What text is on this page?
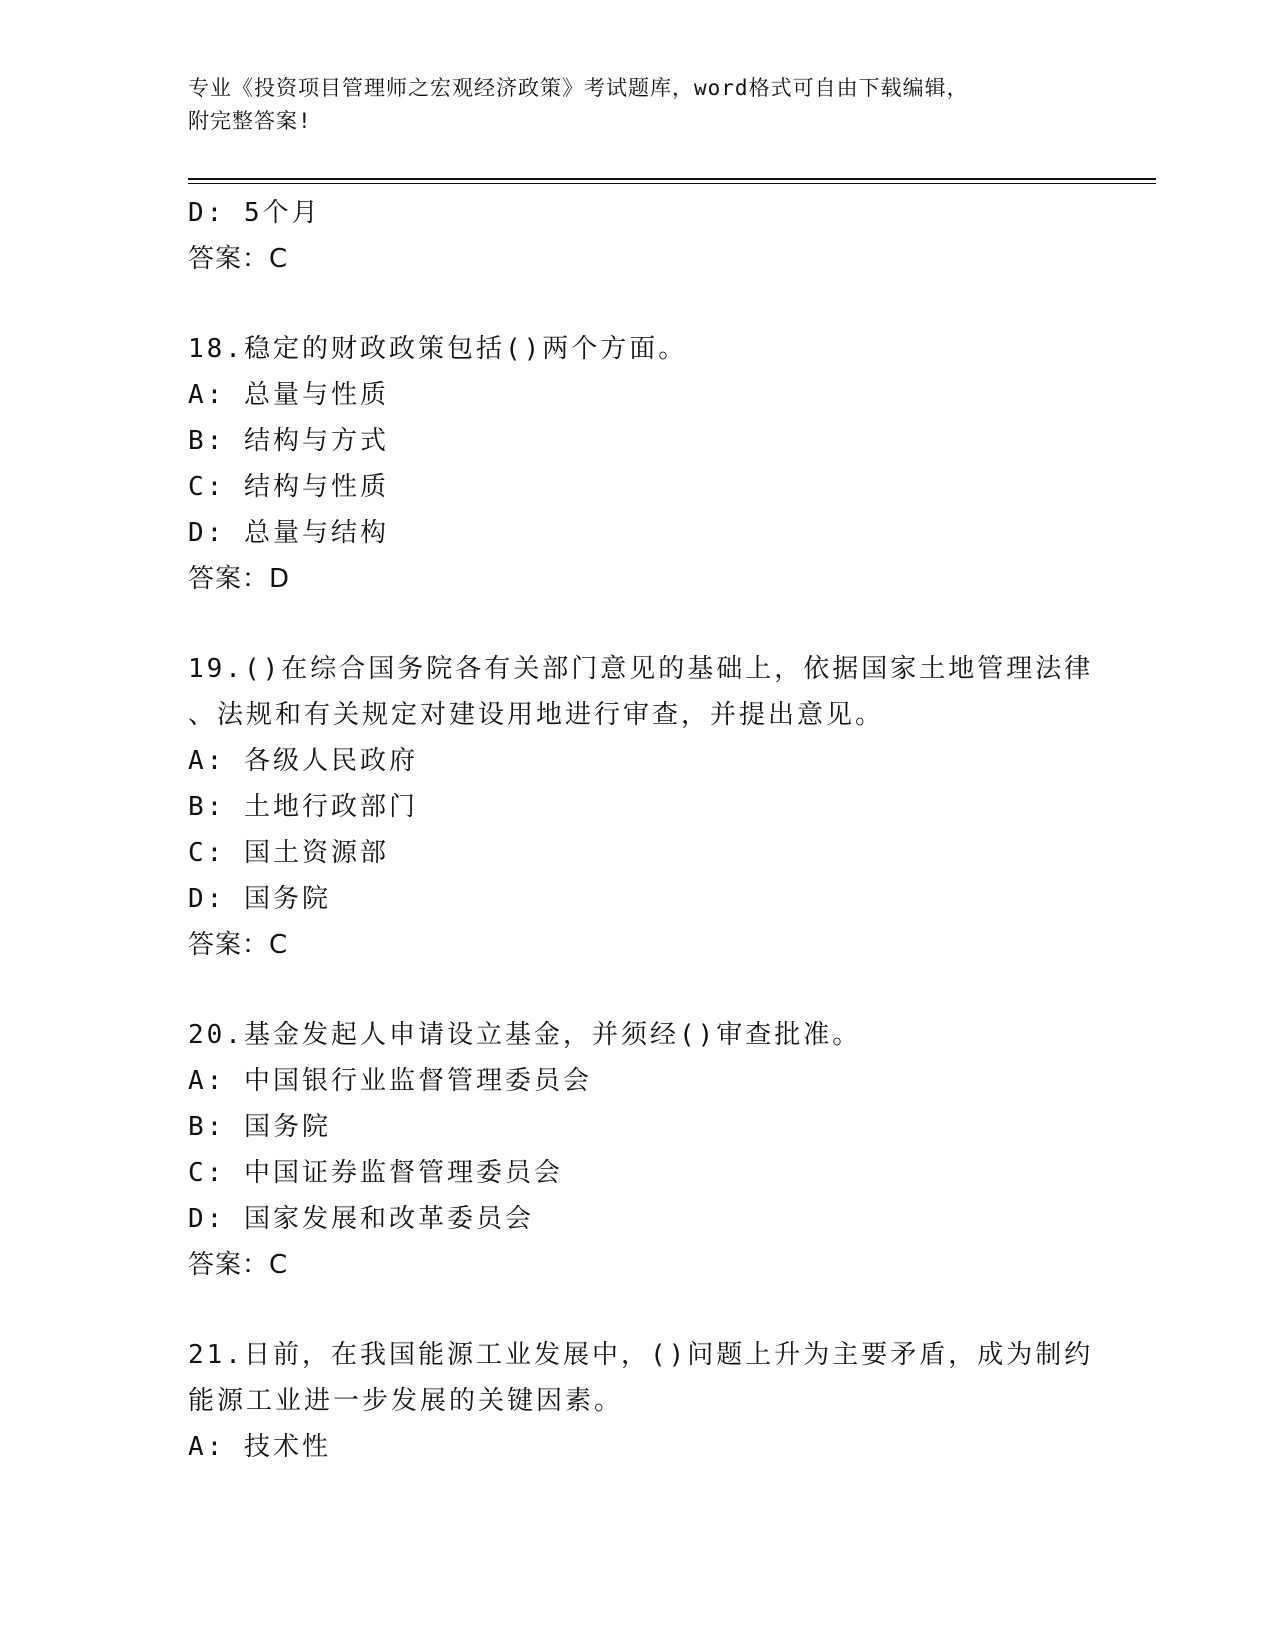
专业《投资项目管理师之宏观经济政策》考试题库，word格式可自由下载编辑，
附完整答案!
D: 5个月
答案：C
18.稳定的财政政策包括()两个方面。
A: 总量与性质
B: 结构与方式
C: 结构与性质
D: 总量与结构
答案：D
19.()在综合国务院各有关部门意见的基础上，依据国家土地管理法律
、法规和有关规定对建设用地进行审查，并提出意见。
A: 各级人民政府
B: 土地行政部门
C: 国土资源部
D: 国务院
答案：C
20.基金发起人申请设立基金，并须经()审查批准。
A: 中国银行业监督管理委员会
B: 国务院
C: 中国证券监督管理委员会
D: 国家发展和改革委员会
答案：C
21.日前，在我国能源工业发展中，()问题上升为主要矛盾，成为制约
能源工业进一步发展的关键因素。
A: 技术性
